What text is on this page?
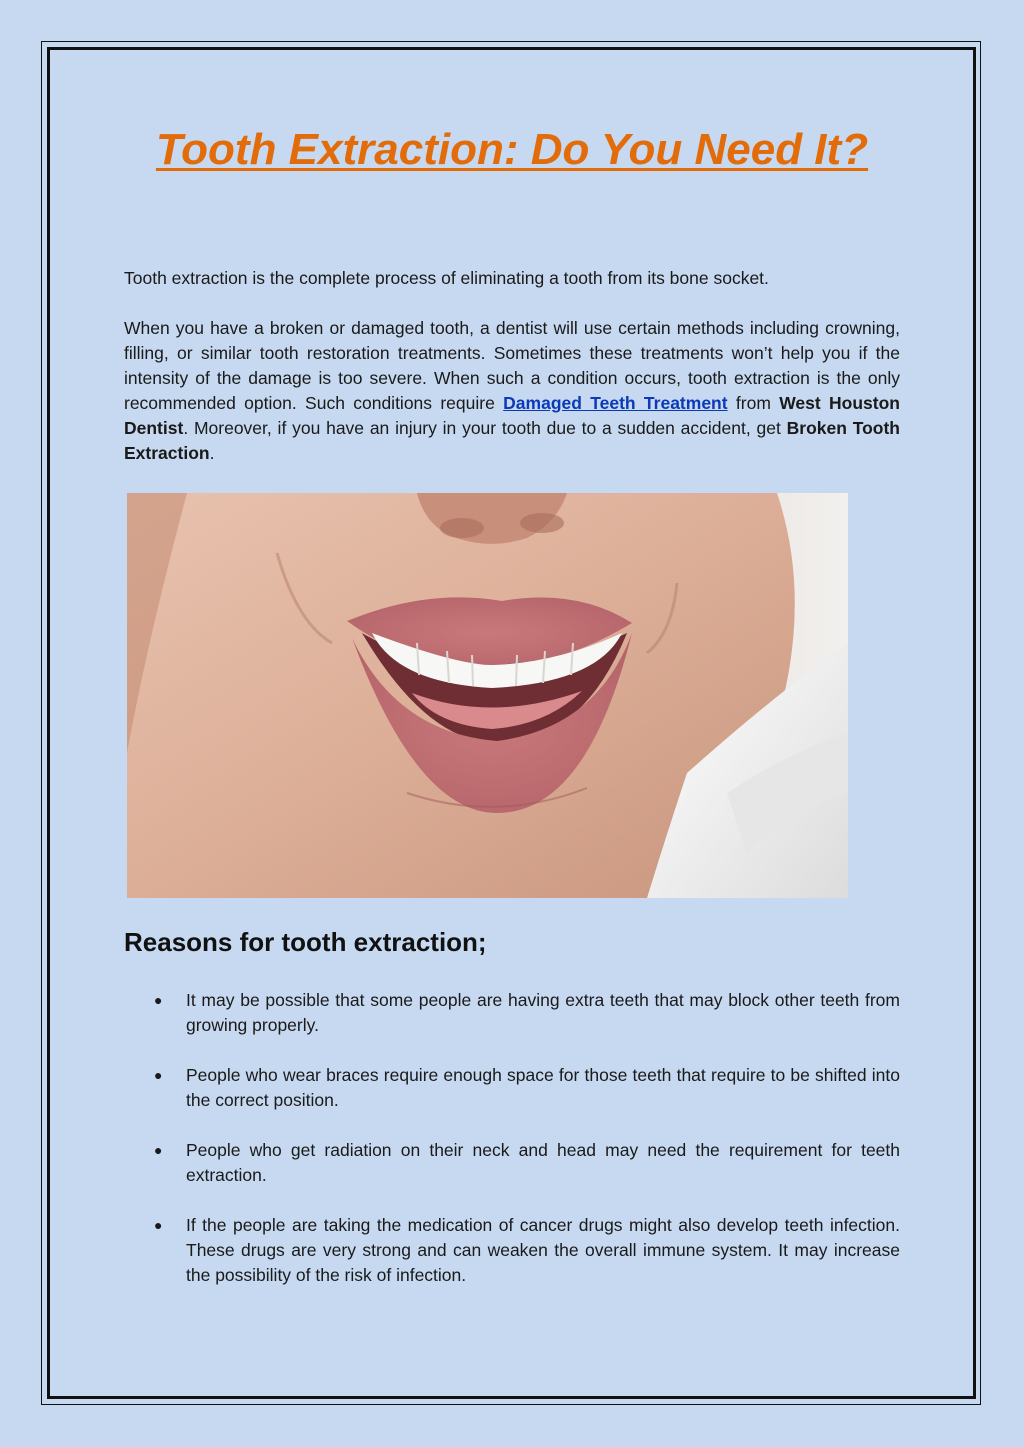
Tooth Extraction: Do You Need It?

Tooth extraction is the complete process of eliminating a tooth from its bone socket.

When you have a broken or damaged tooth, a dentist will use certain methods including crowning, filling, or similar tooth restoration treatments. Sometimes these treatments won’t help you if the intensity of the damage is too severe. When such a condition occurs, tooth extraction is the only recommended option. Such conditions require Damaged Teeth Treatment from West Houston Dentist. Moreover, if you have an injury in your tooth due to a sudden accident, get Broken Tooth Extraction.

Reasons for tooth extraction;
● It may be possible that some people are having extra teeth that may block other teeth from growing properly.
● People who wear braces require enough space for those teeth that require to be shifted into the correct position.
● People who get radiation on their neck and head may need the requirement for teeth extraction.
● If the people are taking the medication of cancer drugs might also develop teeth infection. These drugs are very strong and can weaken the overall immune system. It may increase the possibility of the risk of infection.
